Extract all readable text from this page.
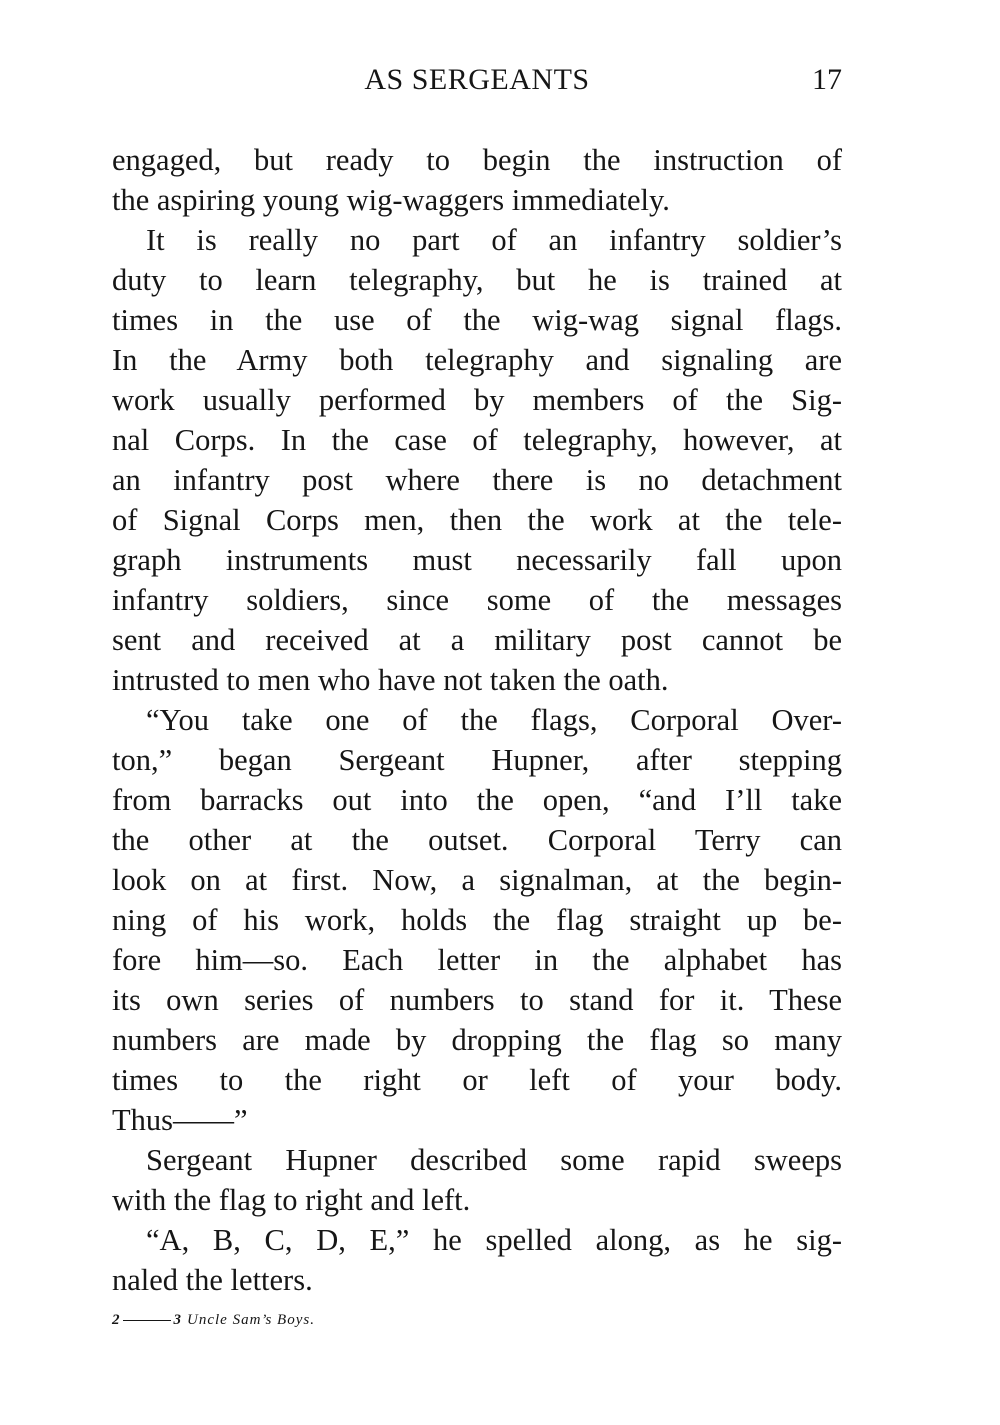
AS SERGEANTS	17
engaged, but ready to begin the instruction of
the aspiring young wig-waggers immediately.
It is really no part of an infantry soldier’s
duty to learn telegraphy, but he is trained at
times in the use of the wig-wag signal flags.
In the Army both telegraphy and signaling are
work usually performed by members of the Sig-
nal Corps. In the case of telegraphy, however, at
an infantry post where there is no detachment
of Signal Corps men, then the work at the tele-
graph instruments must necessarily fall upon
infantry soldiers, since some of the messages
sent and received at a military post cannot be
intrusted to men who have not taken the oath.
“You take one of the flags, Corporal Over-
ton,” began Sergeant Hupner, after stepping
from barracks out into the open, “and I’ll take
the other at the outset. Corporal Terry can
look on at first. Now, a signalman, at the begin-
ning of his work, holds the flag straight up be-
fore him—so. Each letter in the alphabet has
its own series of numbers to stand for it. These
numbers are made by dropping the flag so many
times to the right or left of your body.
Thus——”
Sergeant Hupner described some rapid sweeps
with the flag to right and left.
“A, B, C, D, E,” he spelled along, as he sig-
naled the letters.
2	3 Uncle Sam’s Boys.
